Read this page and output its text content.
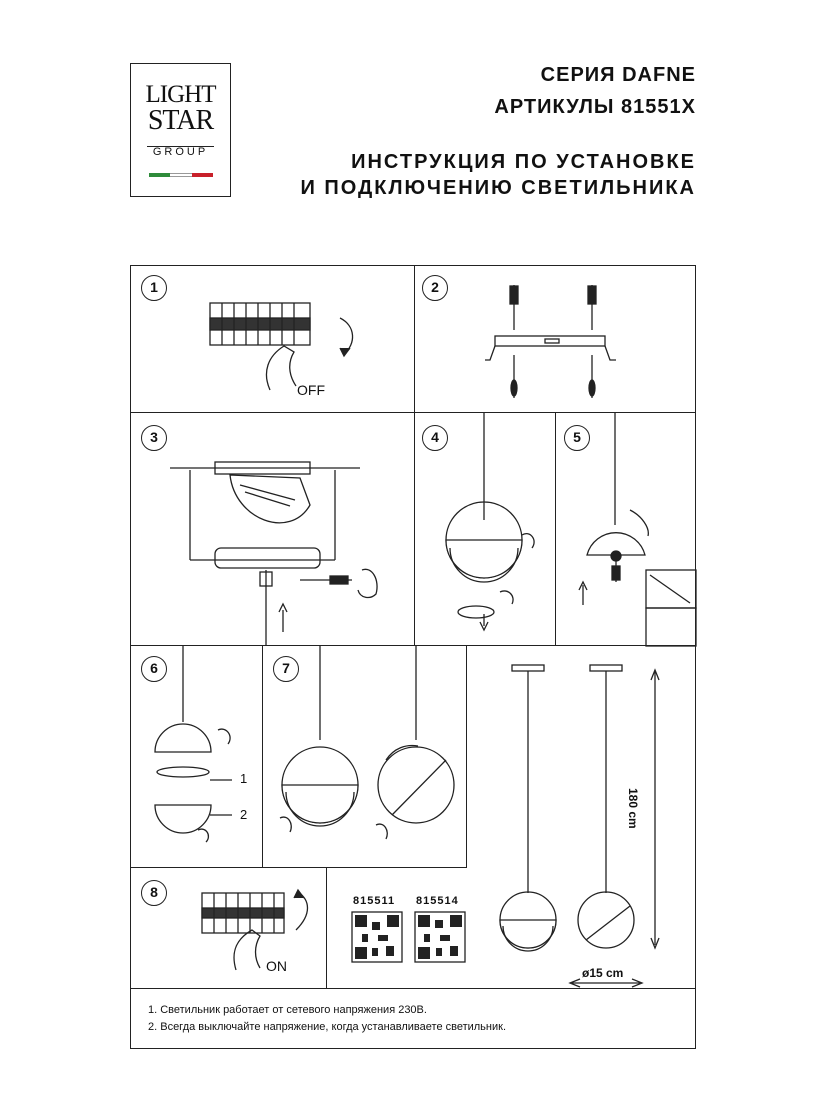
LIGHT
STAR
GROUP
СЕРИЯ DAFNE
АРТИКУЛЫ 81551X
ИНСТРУКЦИЯ ПО УСТАНОВКЕ
И ПОДКЛЮЧЕНИЮ СВЕТИЛЬНИКА
1	2
3	4	5
6	7
8
OFF
ON
1
2	180 cm
ø15 cm
815511 815514
1. Светильник работает от сетевого напряжения 230В.
2. Всегда выключайте напряжение, когда устанавливаете светильник.
